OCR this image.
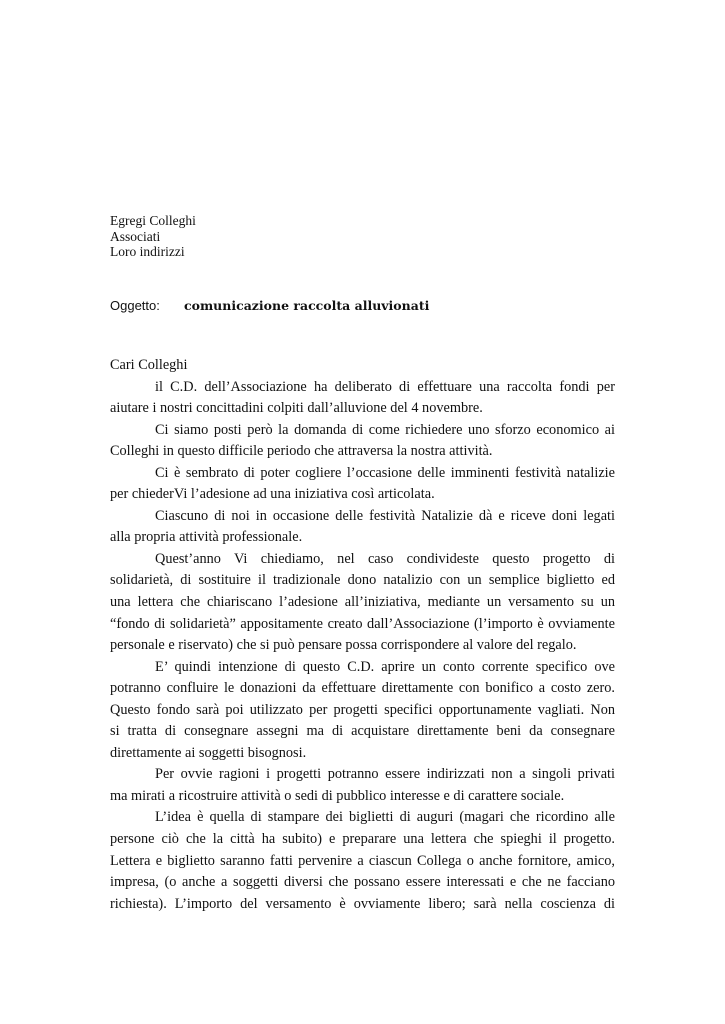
Egregi Colleghi
Associati
Loro indirizzi
Oggetto: comunicazione raccolta alluvionati
Cari Colleghi
il C.D. dell’Associazione ha deliberato di effettuare una raccolta fondi per
aiutare i nostri concittadini colpiti dall’alluvione del 4 novembre.
Ci siamo posti però la domanda di come richiedere uno sforzo economico ai
Colleghi in questo difficile periodo che attraversa la nostra attività.
Ci è sembrato di poter cogliere l’occasione delle imminenti festività natalizie
per chiederVi l’adesione ad una iniziativa così articolata.
Ciascuno di noi in occasione delle festività Natalizie dà e riceve doni legati
alla propria attività professionale.
Quest’anno Vi chiediamo, nel caso condivideste questo progetto di
solidarietà, di sostituire il tradizionale dono natalizio con un semplice biglietto ed
una lettera che chiariscano l’adesione all’iniziativa, mediante un versamento su un
“fondo di solidarietà” appositamente creato dall’Associazione (l’importo è ovviamente
personale e riservato) che si può pensare possa corrispondere al valore del regalo.
E’ quindi intenzione di questo C.D. aprire un conto corrente specifico ove
potranno confluire le donazioni da effettuare direttamente con bonifico a costo zero.
Questo fondo sarà poi utilizzato per progetti specifici opportunamente vagliati. Non
si tratta di consegnare assegni ma di acquistare direttamente beni da consegnare
direttamente ai soggetti bisognosi.
Per ovvie ragioni i progetti potranno essere indirizzati non a singoli privati
ma mirati a ricostruire attività o sedi di pubblico interesse e di carattere sociale.
L’idea è quella di stampare dei biglietti di auguri (magari che ricordino alle
persone ciò che la città ha subito) e preparare una lettera che spieghi il progetto.
Lettera e biglietto saranno fatti pervenire a ciascun Collega o anche fornitore, amico,
impresa, (o anche a soggetti diversi che possano essere interessati e che ne facciano
richiesta). L’importo del versamento è ovviamente libero; sarà nella coscienza di
